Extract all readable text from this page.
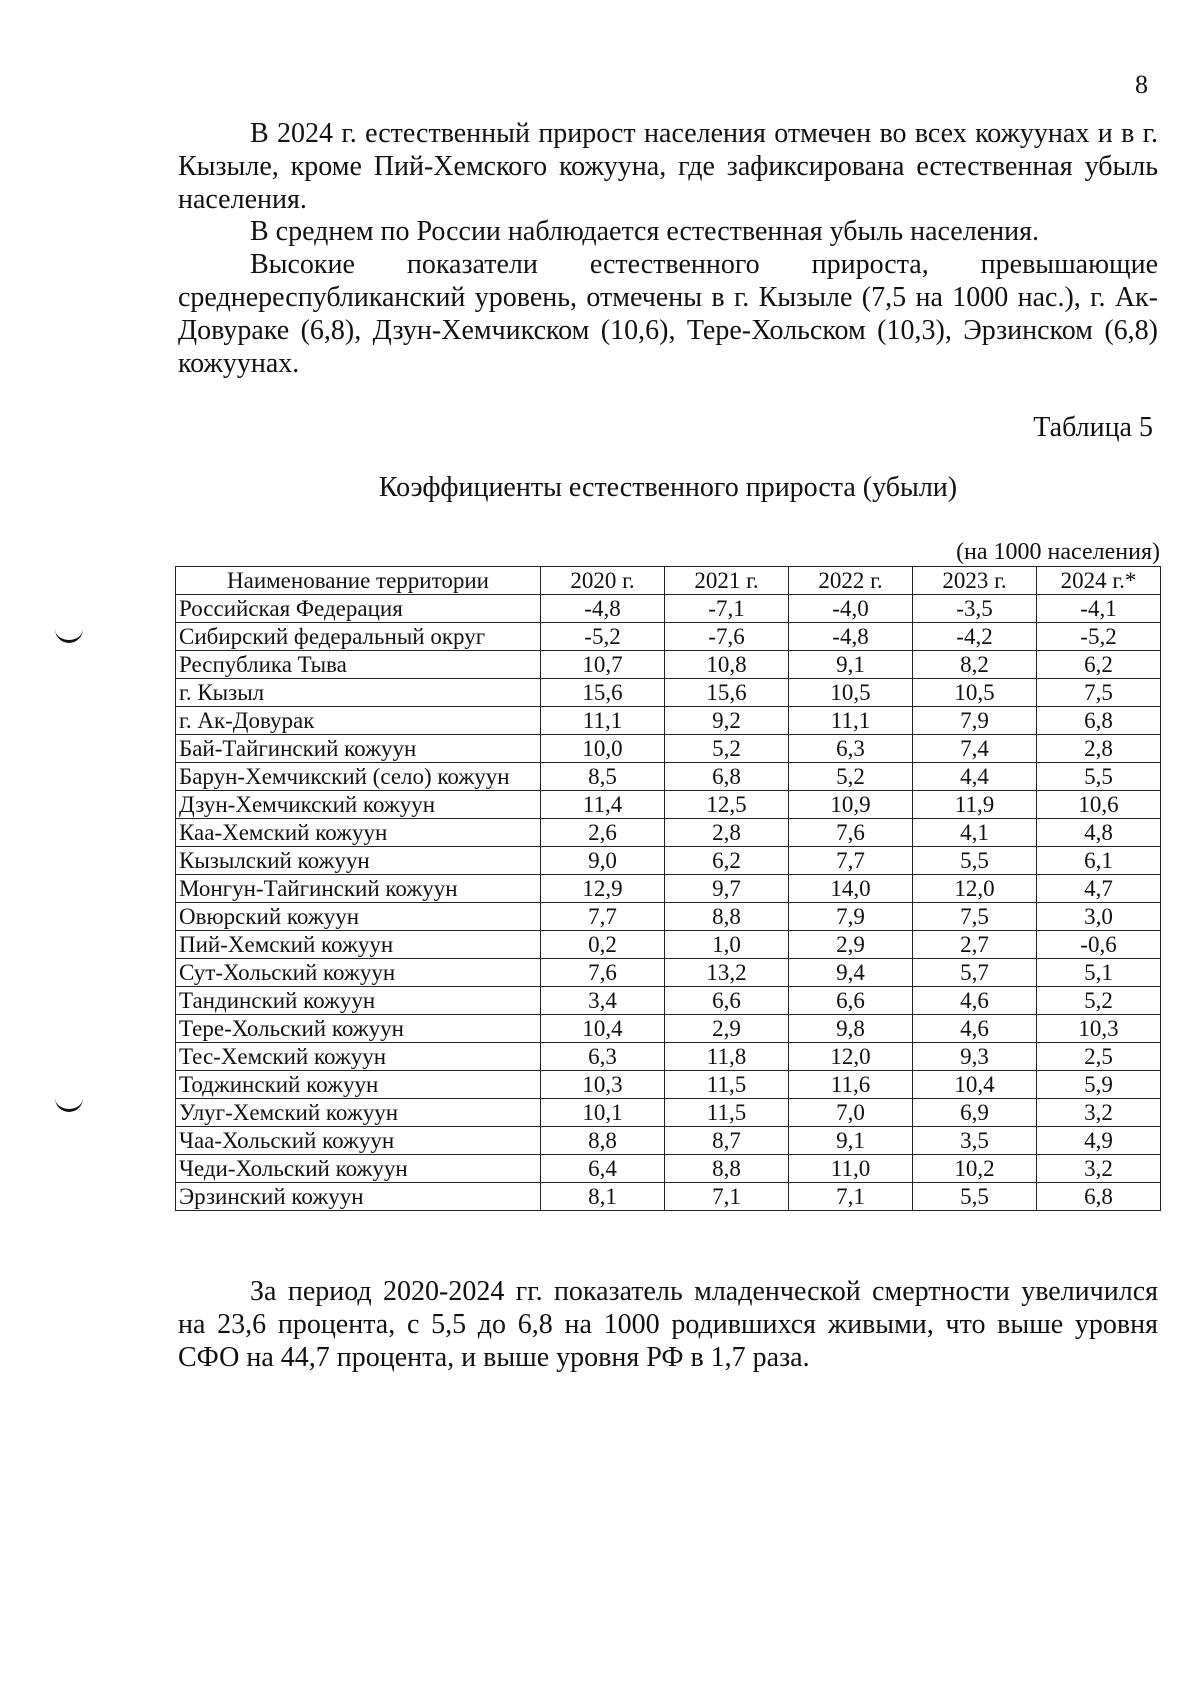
8

В 2024 г. естественный прирост населения отмечен во всех кожуунах и в г. Кызыле, кроме Пий-Хемского кожууна, где зафиксирована естественная убыль населения.

В среднем по России наблюдается естественная убыль населения.

Высокие показатели естественного прироста, превышающие среднереспубликанский уровень, отмечены в г. Кызыле (7,5 на 1000 нас.), г. Ак-Довураке (6,8), Дзун-Хемчикском (10,6), Тере-Хольском (10,3), Эрзинском (6,8) кожуунах.

Таблица 5
Коэффициенты естественного прироста (убыли)
(на 1000 населения)
Наименование территории	2020 г.	2021 г.	2022 г.	2023 г.	2024 г.*
Российская Федерация	-4,8	-7,1	-4,0	-3,5	-4,1
Сибирский федеральный округ	-5,2	-7,6	-4,8	-4,2	-5,2
Республика Тыва	10,7	10,8	9,1	8,2	6,2
г. Кызыл	15,6	15,6	10,5	10,5	7,5
г. Ак-Довурак	11,1	9,2	11,1	7,9	6,8
Бай-Тайгинский кожуун	10,0	5,2	6,3	7,4	2,8
Барун-Хемчикский (село) кожуун	8,5	6,8	5,2	4,4	5,5
Дзун-Хемчикский кожуун	11,4	12,5	10,9	11,9	10,6
Каа-Хемский кожуун	2,6	2,8	7,6	4,1	4,8
Кызылский кожуун	9,0	6,2	7,7	5,5	6,1
Монгун-Тайгинский кожуун	12,9	9,7	14,0	12,0	4,7
Овюрский кожуун	7,7	8,8	7,9	7,5	3,0
Пий-Хемский кожуун	0,2	1,0	2,9	2,7	-0,6
Сут-Хольский кожуун	7,6	13,2	9,4	5,7	5,1
Тандинский кожуун	3,4	6,6	6,6	4,6	5,2
Тере-Хольский кожуун	10,4	2,9	9,8	4,6	10,3
Тес-Хемский кожуун	6,3	11,8	12,0	9,3	2,5
Тоджинский кожуун	10,3	11,5	11,6	10,4	5,9
Улуг-Хемский кожуун	10,1	11,5	7,0	6,9	3,2
Чаа-Хольский кожуун	8,8	8,7	9,1	3,5	4,9
Чеди-Хольский кожуун	6,4	8,8	11,0	10,2	3,2
Эрзинский кожуун	8,1	7,1	7,1	5,5	6,8

За период 2020-2024 гг. показатель младенческой смертности увеличился на 23,6 процента, с 5,5 до 6,8 на 1000 родившихся живыми, что выше уровня СФО на 44,7 процента, и выше уровня РФ в 1,7 раза.
